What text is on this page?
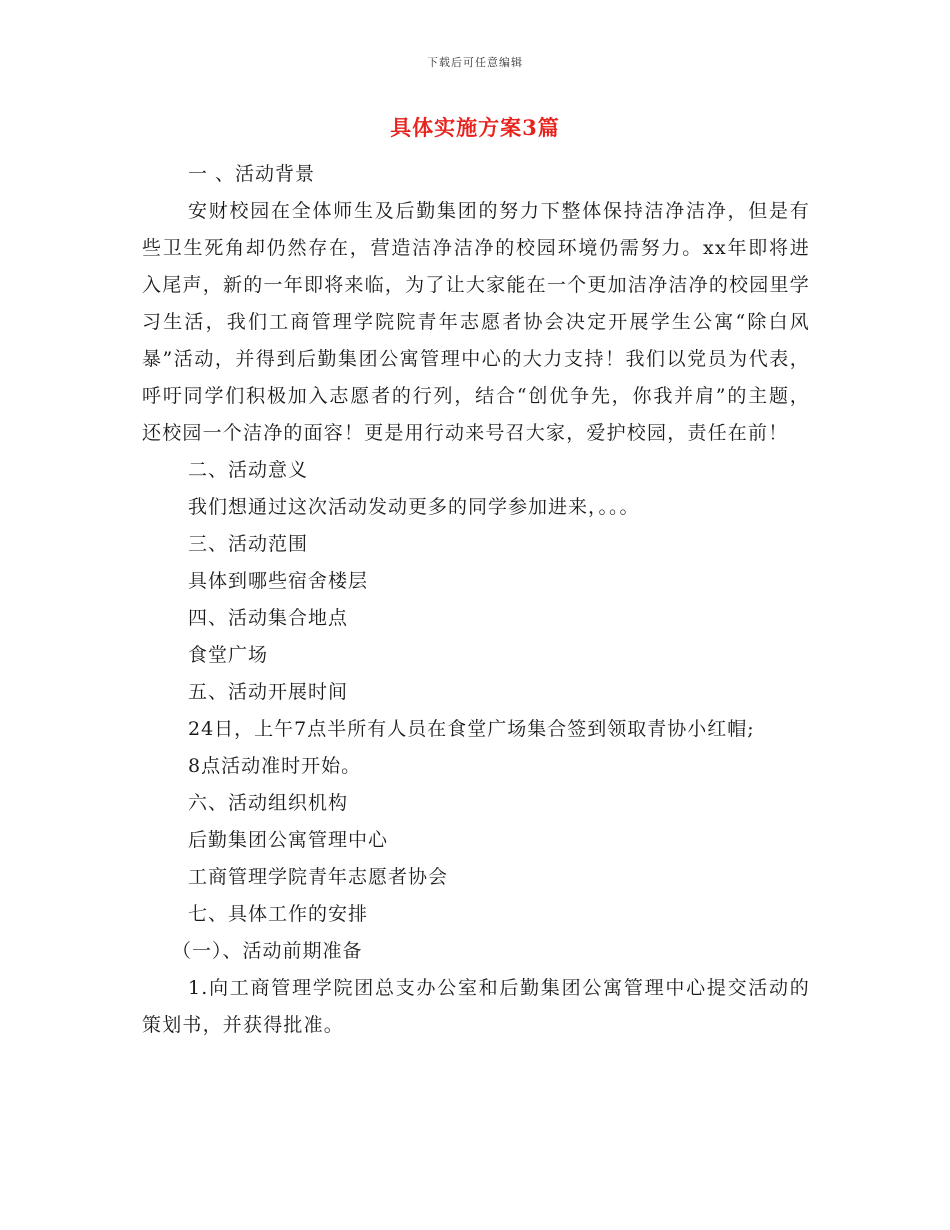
下载后可任意编辑
具体实施方案3篇

一 、活动背景

安财校园在全体师生及后勤集团的努力下整体保持洁净洁净，但是有些卫生死角却仍然存在，营造洁净洁净的校园环境仍需努力。xx年即将进入尾声，新的一年即将来临，为了让大家能在一个更加洁净洁净的校园里学习生活，我们工商管理学院院青年志愿者协会决定开展学生公寓“除白风暴”活动，并得到后勤集团公寓管理中心的大力支持！我们以党员为代表，呼吁同学们积极加入志愿者的行列，结合“创优争先，你我并肩”的主题，还校园一个洁净的面容！更是用行动来号召大家，爱护校园，责任在前！

二、活动意义

我们想通过这次活动发动更多的同学参加进来，。。。

三、活动范围

具体到哪些宿舍楼层

四、活动集合地点

食堂广场

五、活动开展时间

24日，上午7点半所有人员在食堂广场集合签到领取青协小红帽;

8点活动准时开始。

六、活动组织机构

后勤集团公寓管理中心

工商管理学院青年志愿者协会

七、具体工作的安排

（一）、活动前期准备

1.向工商管理学院团总支办公室和后勤集团公寓管理中心提交活动的策划书，并获得批准。
